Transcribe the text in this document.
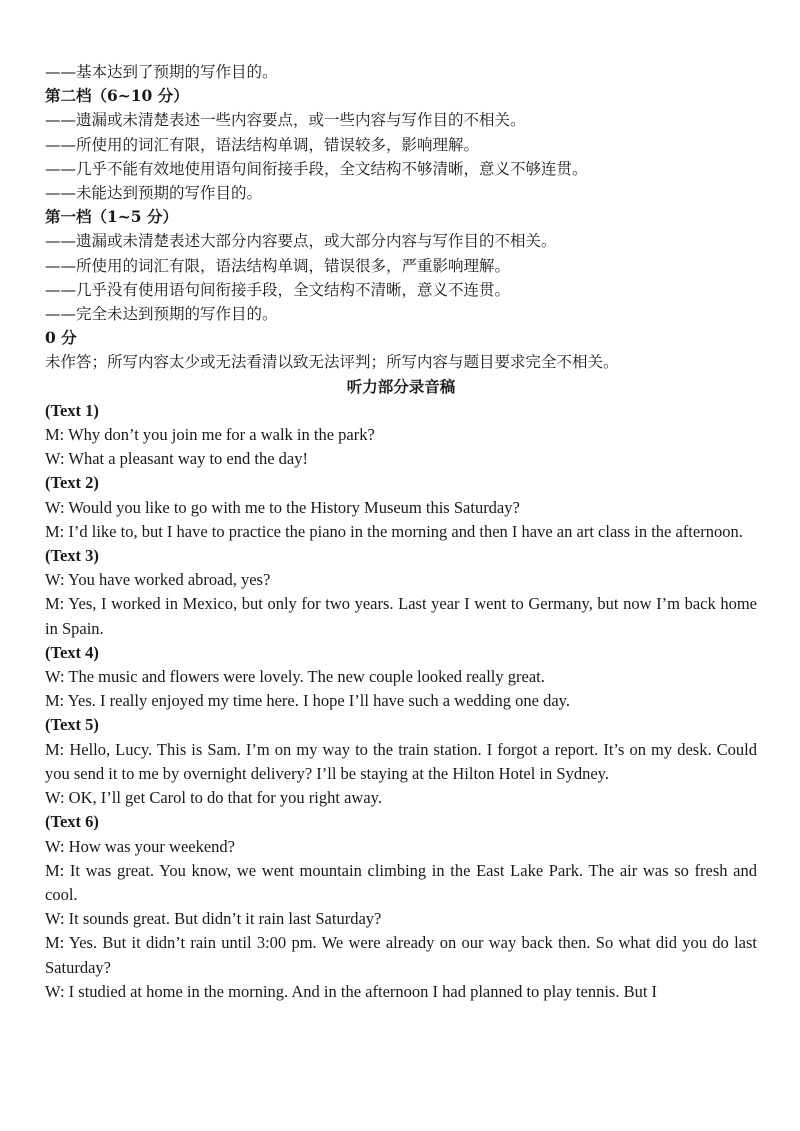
——基本达到了预期的写作目的。
第二档（6~10 分）
——遗漏或未清楚表述一些内容要点，或一些内容与写作目的不相关。
——所使用的词汇有限，语法结构单调，错误较多，影响理解。
——几乎不能有效地使用语句间衔接手段，全文结构不够清晰，意义不够连贯。
——未能达到预期的写作目的。
第一档（1~5 分）
——遗漏或未清楚表述大部分内容要点，或大部分内容与写作目的不相关。
——所使用的词汇有限，语法结构单调，错误很多，严重影响理解。
——几乎没有使用语句间衔接手段，全文结构不清晰，意义不连贯。
——完全未达到预期的写作目的。
0 分
未作答；所写内容太少或无法看清以致无法评判；所写内容与题目要求完全不相关。
听力部分录音稿
(Text 1)
M: Why don’t you join me for a walk in the park?
W: What a pleasant way to end the day!
(Text 2)
W: Would you like to go with me to the History Museum this Saturday?
M: I’d like to, but I have to practice the piano in the morning and then I have an art class in the afternoon.
(Text 3)
W: You have worked abroad, yes?
M: Yes, I worked in Mexico, but only for two years. Last year I went to Germany, but now I’m back home in Spain.
(Text 4)
W: The music and flowers were lovely. The new couple looked really great.
M: Yes. I really enjoyed my time here. I hope I’ll have such a wedding one day.
(Text 5)
M: Hello, Lucy. This is Sam. I’m on my way to the train station. I forgot a report. It’s on my desk. Could you send it to me by overnight delivery? I’ll be staying at the Hilton Hotel in Sydney.
W: OK, I’ll get Carol to do that for you right away.
(Text 6)
W: How was your weekend?
M: It was great. You know, we went mountain climbing in the East Lake Park. The air was so fresh and cool.
W: It sounds great. But didn’t it rain last Saturday?
M: Yes. But it didn’t rain until 3:00 pm. We were already on our way back then. So what did you do last Saturday?
W: I studied at home in the morning. And in the afternoon I had planned to play tennis. But I
